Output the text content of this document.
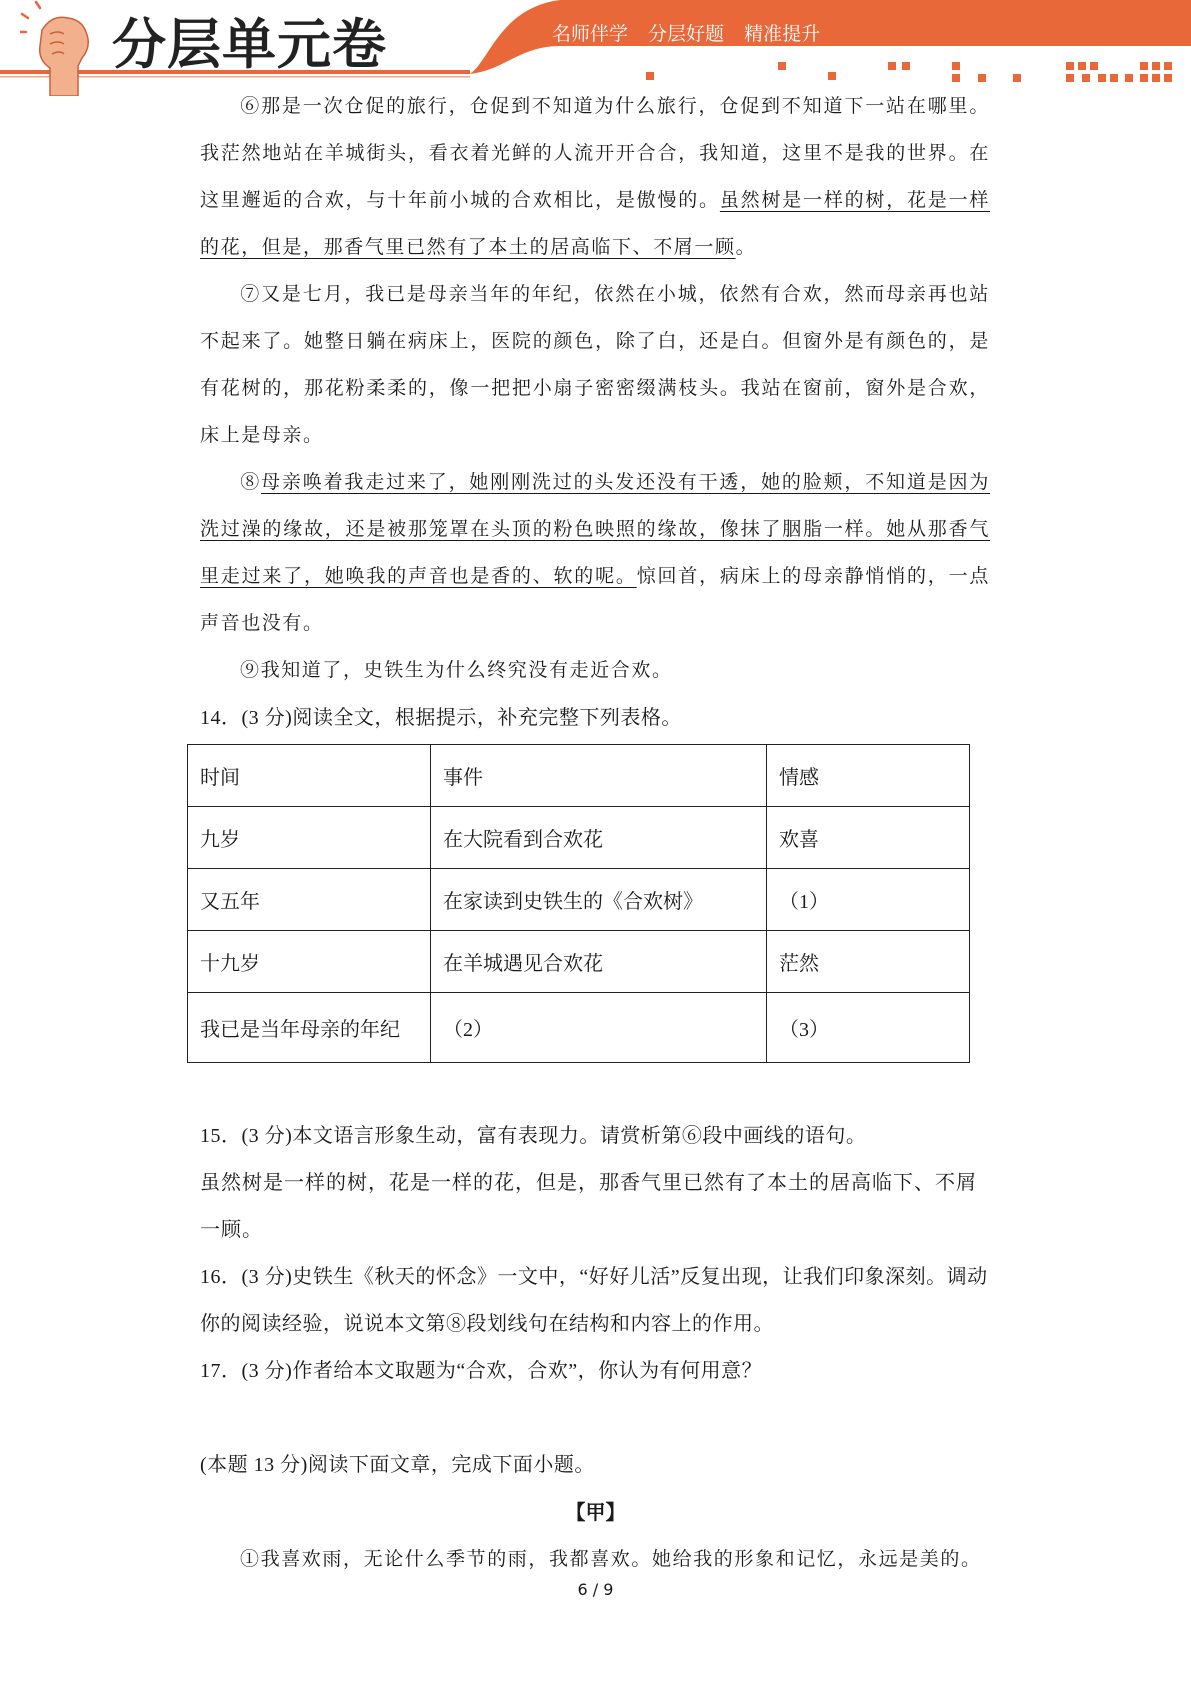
分层单元卷	名师伴学 分层好题 精准提升
⑥那是一次仓促的旅行，仓促到不知道为什么旅行，仓促到不知道下一站在哪里。我茫然地站在羊城街头，看衣着光鲜的人流开开合合，我知道，这里不是我的世界。在这里邂逅的合欢，与十年前小城的合欢相比，是傲慢的。虽然树是一样的树，花是一样的花，但是，那香气里已然有了本土的居高临下、不屑一顾。
⑦又是七月，我已是母亲当年的年纪，依然在小城，依然有合欢，然而母亲再也站不起来了。她整日躺在病床上，医院的颜色，除了白，还是白。但窗外是有颜色的，是有花树的，那花粉柔柔的，像一把把小扇子密密缀满枝头。我站在窗前，窗外是合欢，床上是母亲。
⑧母亲唤着我走过来了，她刚刚洗过的头发还没有干透，她的脸颊，不知道是因为洗过澡的缘故，还是被那笼罩在头顶的粉色映照的缘故，像抹了胭脂一样。她从那香气里走过来了，她唤我的声音也是香的、软的呢。惊回首，病床上的母亲静悄悄的，一点声音也没有。
⑨我知道了，史铁生为什么终究没有走近合欢。
14．(3 分)阅读全文，根据提示，补充完整下列表格。
时间	事件	情感
九岁	在大院看到合欢花	欢喜
又五年	在家读到史铁生的《合欢树》	（1）
十九岁	在羊城遇见合欢花	茫然
我已是当年母亲的年纪	（2）	（3）
15．(3 分)本文语言形象生动，富有表现力。请赏析第⑥段中画线的语句。
虽然树是一样的树，花是一样的花，但是，那香气里已然有了本土的居高临下、不屑一顾。
16．(3 分)史铁生《秋天的怀念》一文中，“好好儿活”反复出现，让我们印象深刻。调动你的阅读经验，说说本文第⑧段划线句在结构和内容上的作用。
17．(3 分)作者给本文取题为“合欢，合欢”，你认为有何用意？
(本题 13 分)阅读下面文章，完成下面小题。
【甲】
①我喜欢雨，无论什么季节的雨，我都喜欢。她给我的形象和记忆，永远是美的。
6 / 9
